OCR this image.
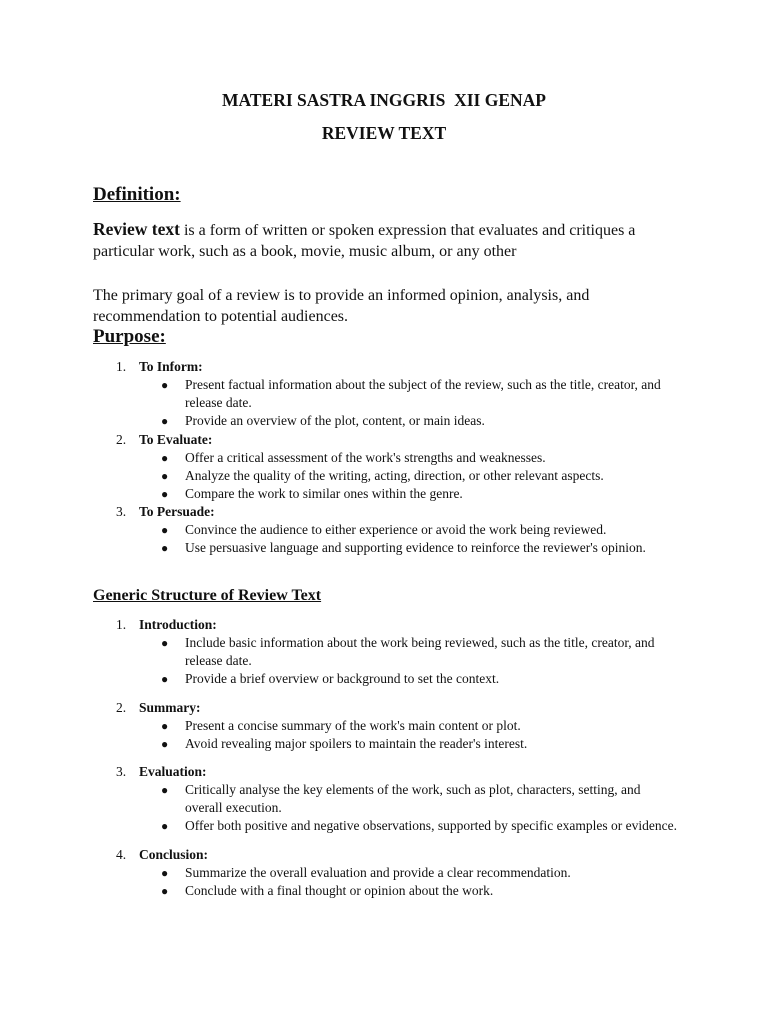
MATERI SASTRA INGGRIS  XII GENAP
REVIEW TEXT
Definition:
Review text is a form of written or spoken expression that evaluates and critiques a particular work, such as a book, movie, music album, or any other
The primary goal of a review is to provide an informed opinion, analysis, and recommendation to potential audiences.
Purpose:
1. To Inform:
● Present factual information about the subject of the review, such as the title, creator, and release date.
● Provide an overview of the plot, content, or main ideas.
2. To Evaluate:
● Offer a critical assessment of the work's strengths and weaknesses.
● Analyze the quality of the writing, acting, direction, or other relevant aspects.
● Compare the work to similar ones within the genre.
3. To Persuade:
● Convince the audience to either experience or avoid the work being reviewed.
● Use persuasive language and supporting evidence to reinforce the reviewer's opinion.
Generic Structure of Review Text
1. Introduction:
● Include basic information about the work being reviewed, such as the title, creator, and release date.
● Provide a brief overview or background to set the context.
2. Summary:
● Present a concise summary of the work's main content or plot.
● Avoid revealing major spoilers to maintain the reader's interest.
3. Evaluation:
● Critically analyse the key elements of the work, such as plot, characters, setting, and overall execution.
● Offer both positive and negative observations, supported by specific examples or evidence.
4. Conclusion:
● Summarize the overall evaluation and provide a clear recommendation.
● Conclude with a final thought or opinion about the work.
